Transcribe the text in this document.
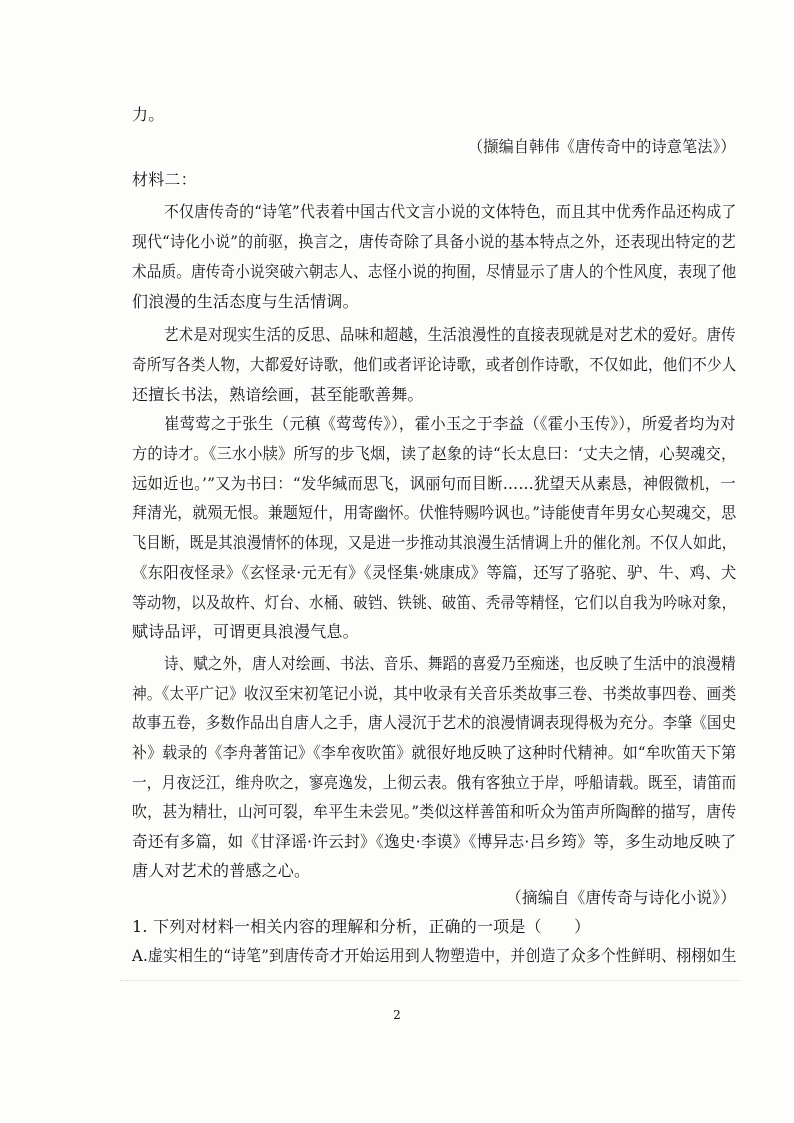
力。
（撷编自韩伟《唐传奇中的诗意笔法》）
材料二：
不仅唐传奇的“诗笔”代表着中国古代文言小说的文体特色，而且其中优秀作品还构成了
现代“诗化小说”的前驱，换言之，唐传奇除了具备小说的基本特点之外，还表现出特定的艺
术品质。唐传奇小说突破六朝志人、志怪小说的拘囿，尽情显示了唐人的个性风度，表现了他
们浪漫的生活态度与生活情调。
艺术是对现实生活的反思、品味和超越，生活浪漫性的直接表现就是对艺术的爱好。唐传
奇所写各类人物，大都爱好诗歌，他们或者评论诗歌，或者创作诗歌，不仅如此，他们不少人
还擅长书法，熟谙绘画，甚至能歌善舞。
崔莺莺之于张生（元稹《莺莺传》），霍小玉之于李益（《霍小玉传》），所爱者均为对
方的诗才。《三水小牍》所写的步飞烟，读了赵象的诗“长太息曰：‘丈夫之情，心契魂交，
远如近也。’”又为书曰：“发华缄而思飞，讽丽句而目断……犹望天从素恳，神假微机，一
拜清光，就殒无恨。兼题短什，用寄幽怀。伏惟特赐吟讽也。”诗能使青年男女心契魂交，思
飞目断，既是其浪漫情怀的体现，又是进一步推动其浪漫生活情调上升的催化剂。不仅人如此，
《东阳夜怪录》《玄怪录·元无有》《灵怪集·姚康成》等篇，还写了骆驼、驴、牛、鸡、犬
等动物，以及故杵、灯台、水桶、破铛、铁铫、破笛、秃帚等精怪，它们以自我为吟咏对象，
赋诗品评，可谓更具浪漫气息。
诗、赋之外，唐人对绘画、书法、音乐、舞蹈的喜爱乃至痴迷，也反映了生活中的浪漫精
神。《太平广记》收汉至宋初笔记小说，其中收录有关音乐类故事三卷、书类故事四卷、画类
故事五卷，多数作品出自唐人之手，唐人浸沉于艺术的浪漫情调表现得极为充分。李肇《国史
补》载录的《李舟著笛记》《李牟夜吹笛》就很好地反映了这种时代精神。如“牟吹笛天下第
一，月夜泛江，维舟吹之，寥亮逸发，上彻云表。俄有客独立于岸，呼船请载。既至，请笛而
吹，甚为精壮，山河可裂，牟平生未尝见。”类似这样善笛和听众为笛声所陶醉的描写，唐传
奇还有多篇，如《甘泽谣·许云封》《逸史·李谟》《博异志·吕乡筠》等，多生动地反映了
唐人对艺术的普感之心。
（摘编自《唐传奇与诗化小说》）
1. 下列对材料一相关内容的理解和分析，正确的一项是（　　）
A.虚实相生的“诗笔”到唐传奇才开始运用到人物塑造中，并创造了众多个性鲜明、栩栩如生
2
